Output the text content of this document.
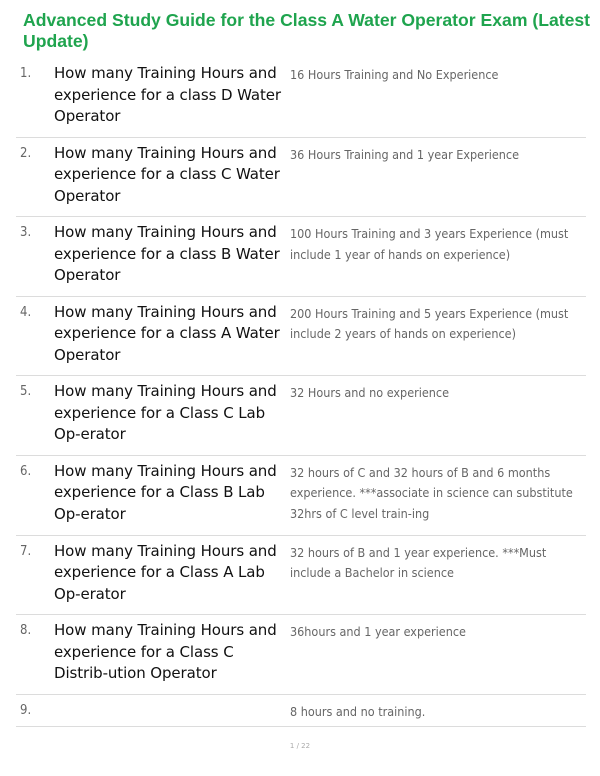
Advanced Study Guide for the Class A Water Operator Exam (Latest Update)
1. How many Training Hours and experience for a class D Water Operator
16 Hours Training and No Experience
2. How many Training Hours and experience for a class C Water Operator
36 Hours Training and 1 year Experience
3. How many Training Hours and experience for a class B Water Operator
100 Hours Training and 3 years Experience (must include 1 year of hands on experience)
4. How many Training Hours and experience for a class A Water Operator
200 Hours Training and 5 years Experience (must include 2 years of hands on experience)
5. How many Training Hours and experience for a Class C Lab Op-erator
32 Hours and no experience
6. How many Training Hours and experience for a Class B Lab Op-erator
32 hours of C and 32 hours of B and 6 months experience. ***associate in science can substitute 32hrs of C level train-ing
7. How many Training Hours and experience for a Class A Lab Op-erator
32 hours of B and 1 year experience. ***Must include a Bachelor in science
8. How many Training Hours and experience for a Class C Distrib-ution Operator
36hours and 1 year experience
9.	8 hours and no training.
1 / 22
